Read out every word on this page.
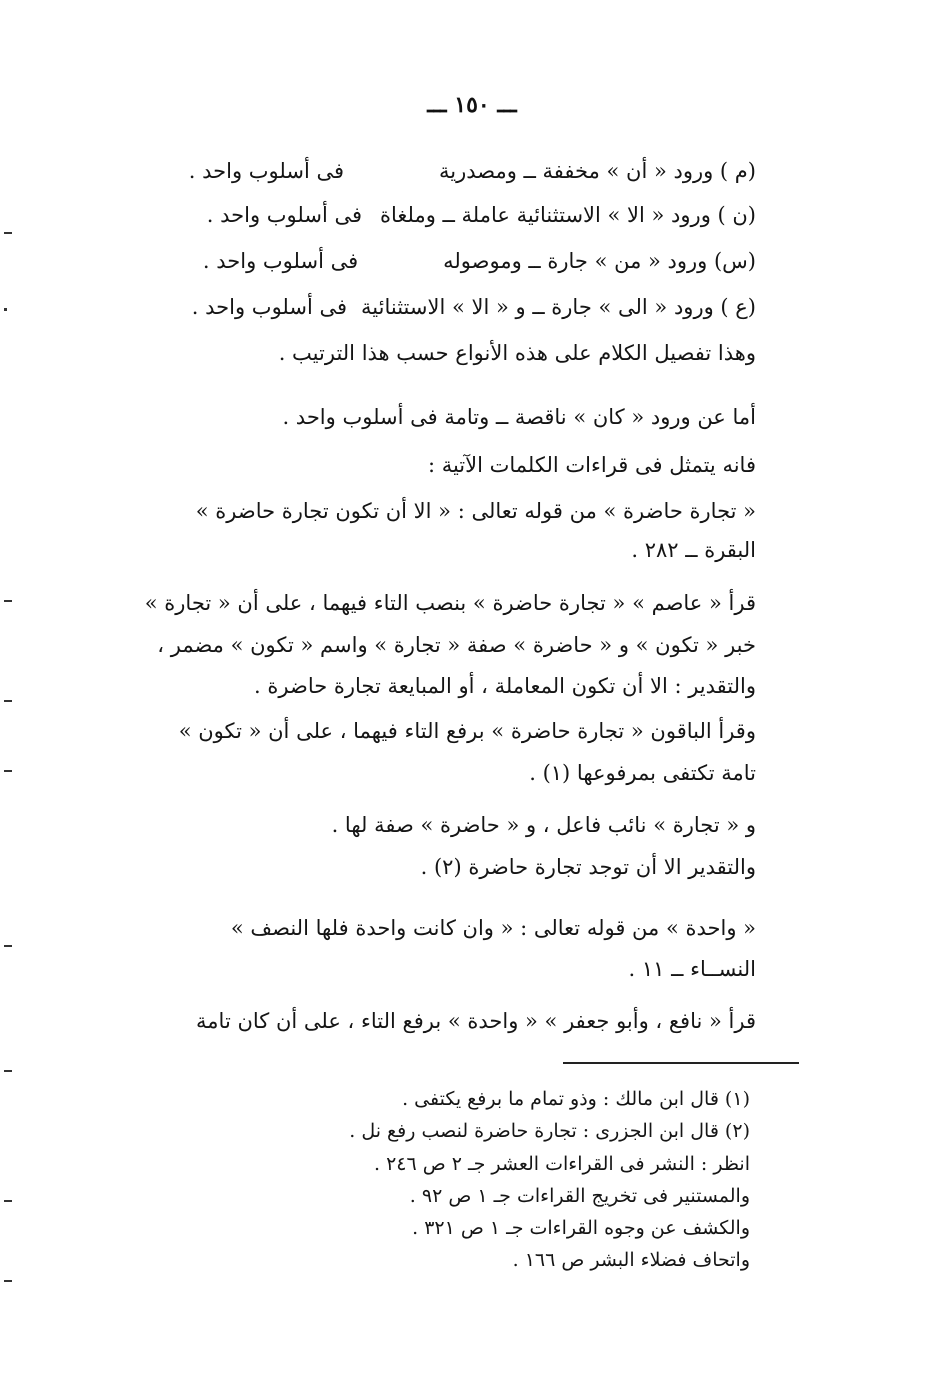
ـــ ١٥٠ ـــ
(م ) ورود « أن » مخففة ــ ومصدريةفى أسلوب واحد .
(ن ) ورود « الا » الاستثنائية عاملة ــ وملغاةفى أسلوب واحد .
(س) ورود « من » جارة ــ وموصولهفى أسلوب واحد .
(ع ) ورود « الى » جارة ــ و « الا » الاستثنائيةفى أسلوب واحد .
وهذا تفصيل الكلام على هذه الأنواع حسب هذا الترتيب .
أما عن ورود « كان » ناقصة ــ وتامة فى أسلوب واحد .
فانه يتمثل فى قراءات الكلمات الآتية :
« تجارة حاضرة » من قوله تعالى : « الا أن تكون تجارة حاضرة »
البقرة ــ ٢٨٢ .
قرأ « عاصم » « تجارة حاضرة » بنصب التاء فيهما ، على أن « تجارة »
خبر « تكون » و « حاضرة » صفة « تجارة » واسم « تكون » مضمر ،
والتقدير : الا أن تكون المعاملة ، أو المبايعة تجارة حاضرة .
وقرأ الباقون « تجارة حاضرة » برفع التاء فيهما ، على أن « تكون »
تامة تكتفى بمرفوعها (١) .
و « تجارة » نائب فاعل ، و « حاضرة » صفة لها .
والتقدير الا أن توجد تجارة حاضرة (٢) .
« واحدة » من قوله تعالى : « وان كانت واحدة فلها النصف »
النســاء ــ ١١ .
قرأ « نافع ، وأبو جعفر » « واحدة » برفع التاء ، على أن كان تامة
(١) قال ابن مالك : وذو تمام ما برفع يكتفى .
(٢) قال ابن الجزرى : تجارة حاضرة لنصب رفع نل .
انظر : النشر فى القراءات العشر جـ ٢ ص ٢٤٦ .
والمستنير فى تخريج القراءات جـ ١ ص ٩٢ .
والكشف عن وجوه القراءات جـ ١ ص ٣٢١ .
واتحاف فضلاء البشر ص ١٦٦ .
